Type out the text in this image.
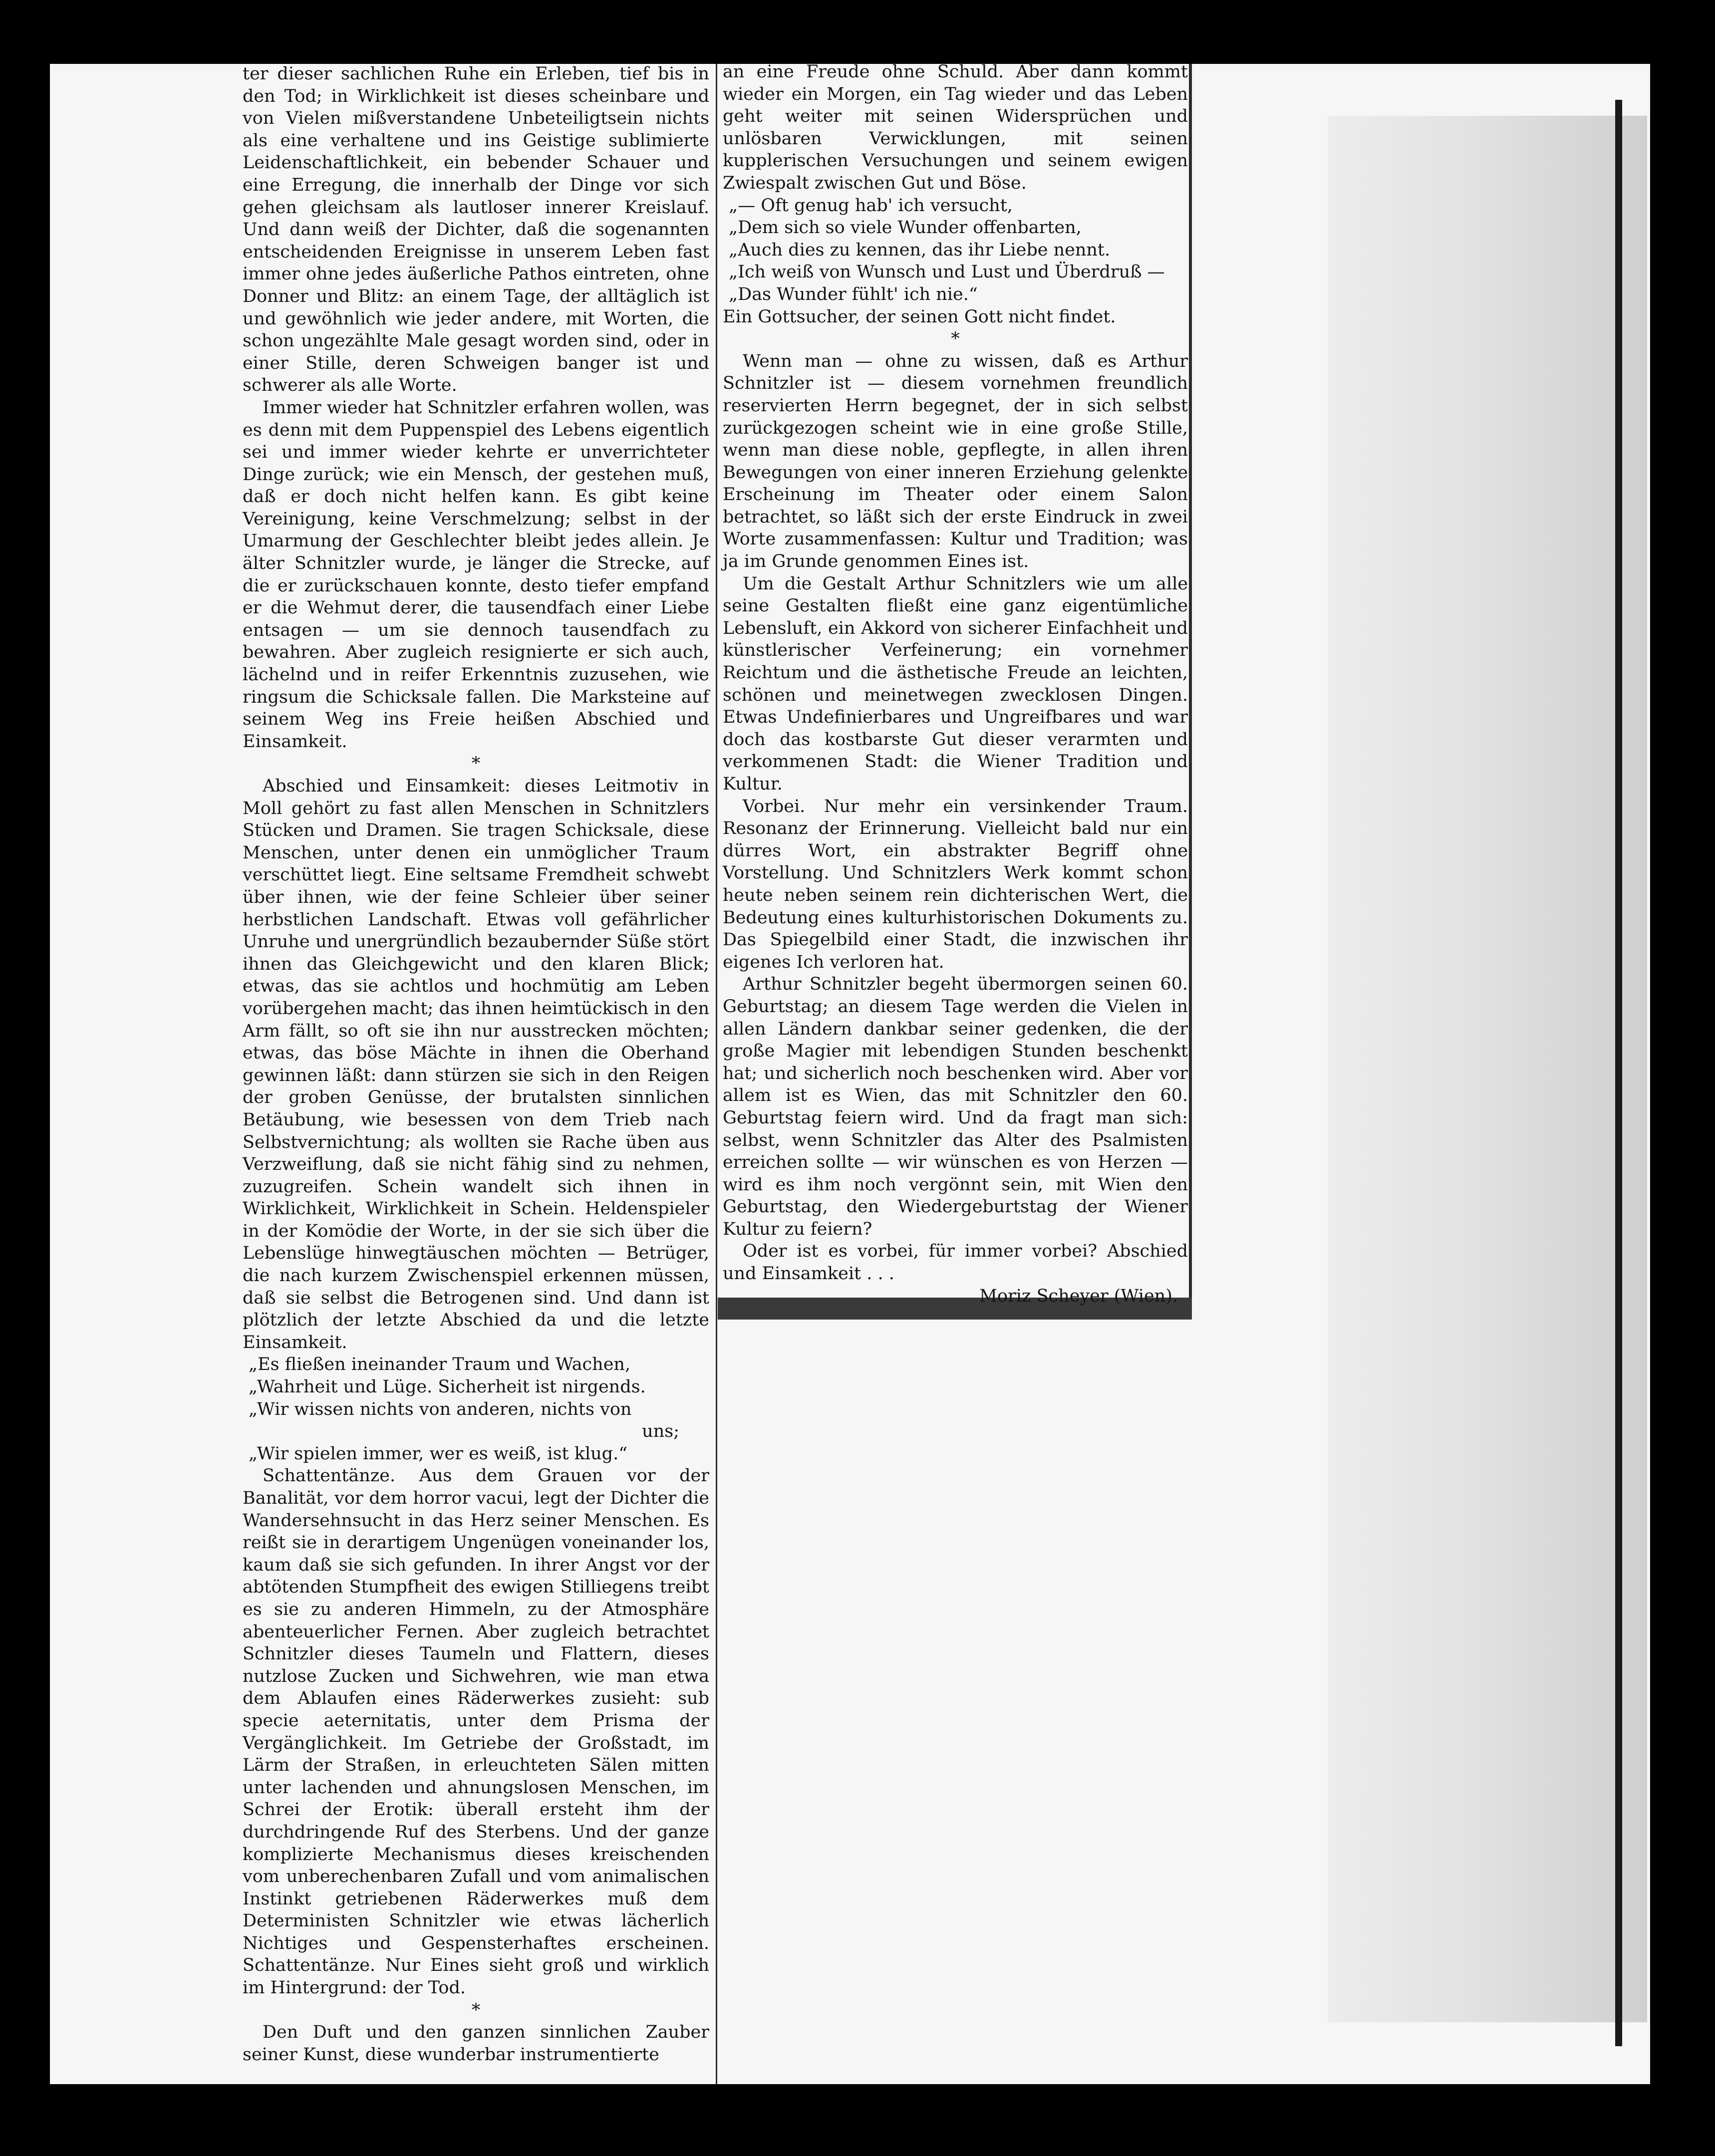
ter dieser sachlichen Ruhe ein Erleben, tief bis in den Tod; in Wirklichkeit ist dieses scheinbare und von Vielen mißverstandene Unbeteiligtsein nichts als eine verhaltene und ins Geistige sublimierte Leidenschaftlichkeit, ein bebender Schauer und eine Erregung, die innerhalb der Dinge vor sich gehen gleichsam als lautloser innerer Kreislauf. Und dann weiß der Dichter, daß die sogenannten entscheidenden Ereignisse in unserem Leben fast immer ohne jedes äußerliche Pathos eintreten, ohne Donner und Blitz: an einem Tage, der alltäglich ist und gewöhnlich wie jeder andere, mit Worten, die schon ungezählte Male gesagt worden sind, oder in einer Stille, deren Schweigen banger ist und schwerer als alle Worte.

Immer wieder hat Schnitzler erfahren wollen, was es denn mit dem Puppenspiel des Lebens eigentlich sei und immer wieder kehrte er unverrichteter Dinge zurück; wie ein Mensch, der gestehen muß, daß er doch nicht helfen kann. Es gibt keine Vereinigung, keine Verschmelzung; selbst in der Umarmung der Geschlechter bleibt jedes allein. Je älter Schnitzler wurde, je länger die Strecke, auf die er zurückschauen konnte, desto tiefer empfand er die Wehmut derer, die tausendfach einer Liebe entsagen — um sie dennoch tausendfach zu bewahren. Aber zugleich resignierte er sich auch, lächelnd und in reifer Erkenntnis zuzusehen, wie ringsum die Schicksale fallen. Die Marksteine auf seinem Weg ins Freie heißen Abschied und Einsamkeit.

*

Abschied und Einsamkeit: dieses Leitmotiv in Moll gehört zu fast allen Menschen in Schnitzlers Stücken und Dramen. Sie tragen Schicksale, diese Menschen, unter denen ein unmöglicher Traum verschüttet liegt. Eine seltsame Fremdheit schwebt über ihnen, wie der feine Schleier über seiner herbstlichen Landschaft. Etwas voll gefährlicher Unruhe und unergründlich bezaubernder Süße stört ihnen das Gleichgewicht und den klaren Blick; etwas, das sie achtlos und hochmütig am Leben vorübergehen macht; das ihnen heimtückisch in den Arm fällt, so oft sie ihn nur ausstrecken möchten; etwas, das böse Mächte in ihnen die Oberhand gewinnen läßt: dann stürzen sie sich in den Reigen der groben Genüsse, der brutalsten sinnlichen Betäubung, wie besessen von dem Trieb nach Selbstvernichtung; als wollten sie Rache üben aus Verzweiflung, daß sie nicht fähig sind zu nehmen, zuzugreifen. Schein wandelt sich ihnen in Wirklichkeit, Wirklichkeit in Schein. Heldenspieler in der Komödie der Worte, in der sie sich über die Lebenslüge hinwegtäuschen möchten — Betrüger, die nach kurzem Zwischenspiel erkennen müssen, daß sie selbst die Betrogenen sind. Und dann ist plötzlich der letzte Abschied da und die letzte Einsamkeit.

„Es fließen ineinander Traum und Wachen,

„Wahrheit und Lüge. Sicherheit ist nirgends.

„Wir wissen nichts von anderen, nichts von

uns;

„Wir spielen immer, wer es weiß, ist klug.“

Schattentänze. Aus dem Grauen vor der Banalität, vor dem horror vacui, legt der Dichter die Wandersehnsucht in das Herz seiner Menschen. Es reißt sie in derartigem Ungenügen voneinander los, kaum daß sie sich gefunden. In ihrer Angst vor der abtötenden Stumpfheit des ewigen Stilliegens treibt es sie zu anderen Himmeln, zu der Atmosphäre abenteuerlicher Fernen. Aber zugleich betrachtet Schnitzler dieses Taumeln und Flattern, dieses nutzlose Zucken und Sichwehren, wie man etwa dem Ablaufen eines Räderwerkes zusieht: sub specie aeternitatis, unter dem Prisma der Vergänglichkeit. Im Getriebe der Großstadt, im Lärm der Straßen, in erleuchteten Sälen mitten unter lachenden und ahnungslosen Menschen, im Schrei der Erotik: überall ersteht ihm der durchdringende Ruf des Sterbens. Und der ganze komplizierte Mechanismus dieses kreischenden vom unberechenbaren Zufall und vom animalischen Instinkt getriebenen Räderwerkes muß dem Deterministen Schnitzler wie etwas lächerlich Nichtiges und Gespensterhaftes erscheinen. Schattentänze. Nur Eines sieht groß und wirklich im Hintergrund: der Tod.

*

Den Duft und den ganzen sinnlichen Zauber seiner Kunst, diese wunderbar instrumentierte

an eine Freude ohne Schuld. Aber dann kommt wieder ein Morgen, ein Tag wieder und das Leben geht weiter mit seinen Widersprüchen und unlösbaren Verwicklungen, mit seinen kupplerischen Versuchungen und seinem ewigen Zwiespalt zwischen Gut und Böse.

„— Oft genug hab' ich versucht,

„Dem sich so viele Wunder offenbarten,

„Auch dies zu kennen, das ihr Liebe nennt.

„Ich weiß von Wunsch und Lust und Überdruß —

„Das Wunder fühlt' ich nie.“

Ein Gottsucher, der seinen Gott nicht findet.

*

Wenn man — ohne zu wissen, daß es Arthur Schnitzler ist — diesem vornehmen freundlich reservierten Herrn begegnet, der in sich selbst zurückgezogen scheint wie in eine große Stille, wenn man diese noble, gepflegte, in allen ihren Bewegungen von einer inneren Erziehung gelenkte Erscheinung im Theater oder einem Salon betrachtet, so läßt sich der erste Eindruck in zwei Worte zusammenfassen: Kultur und Tradition; was ja im Grunde genommen Eines ist.

Um die Gestalt Arthur Schnitzlers wie um alle seine Gestalten fließt eine ganz eigentümliche Lebensluft, ein Akkord von sicherer Einfachheit und künstlerischer Verfeinerung; ein vornehmer Reichtum und die ästhetische Freude an leichten, schönen und meinetwegen zwecklosen Dingen. Etwas Undefinierbares und Ungreifbares und war doch das kostbarste Gut dieser verarmten und verkommenen Stadt: die Wiener Tradition und Kultur.

Vorbei. Nur mehr ein versinkender Traum. Resonanz der Erinnerung. Vielleicht bald nur ein dürres Wort, ein abstrakter Begriff ohne Vorstellung. Und Schnitzlers Werk kommt schon heute neben seinem rein dichterischen Wert, die Bedeutung eines kulturhistorischen Dokuments zu. Das Spiegelbild einer Stadt, die inzwischen ihr eigenes Ich verloren hat.

Arthur Schnitzler begeht übermorgen seinen 60. Geburtstag; an diesem Tage werden die Vielen in allen Ländern dankbar seiner gedenken, die der große Magier mit lebendigen Stunden beschenkt hat; und sicherlich noch beschenken wird. Aber vor allem ist es Wien, das mit Schnitzler den 60. Geburtstag feiern wird. Und da fragt man sich: selbst, wenn Schnitzler das Alter des Psalmisten erreichen sollte — wir wünschen es von Herzen — wird es ihm noch vergönnt sein, mit Wien den Geburtstag, den Wiedergeburtstag der Wiener Kultur zu feiern?

Oder ist es vorbei, für immer vorbei? Abschied und Einsamkeit . . .

Moriz Scheyer (Wien).
